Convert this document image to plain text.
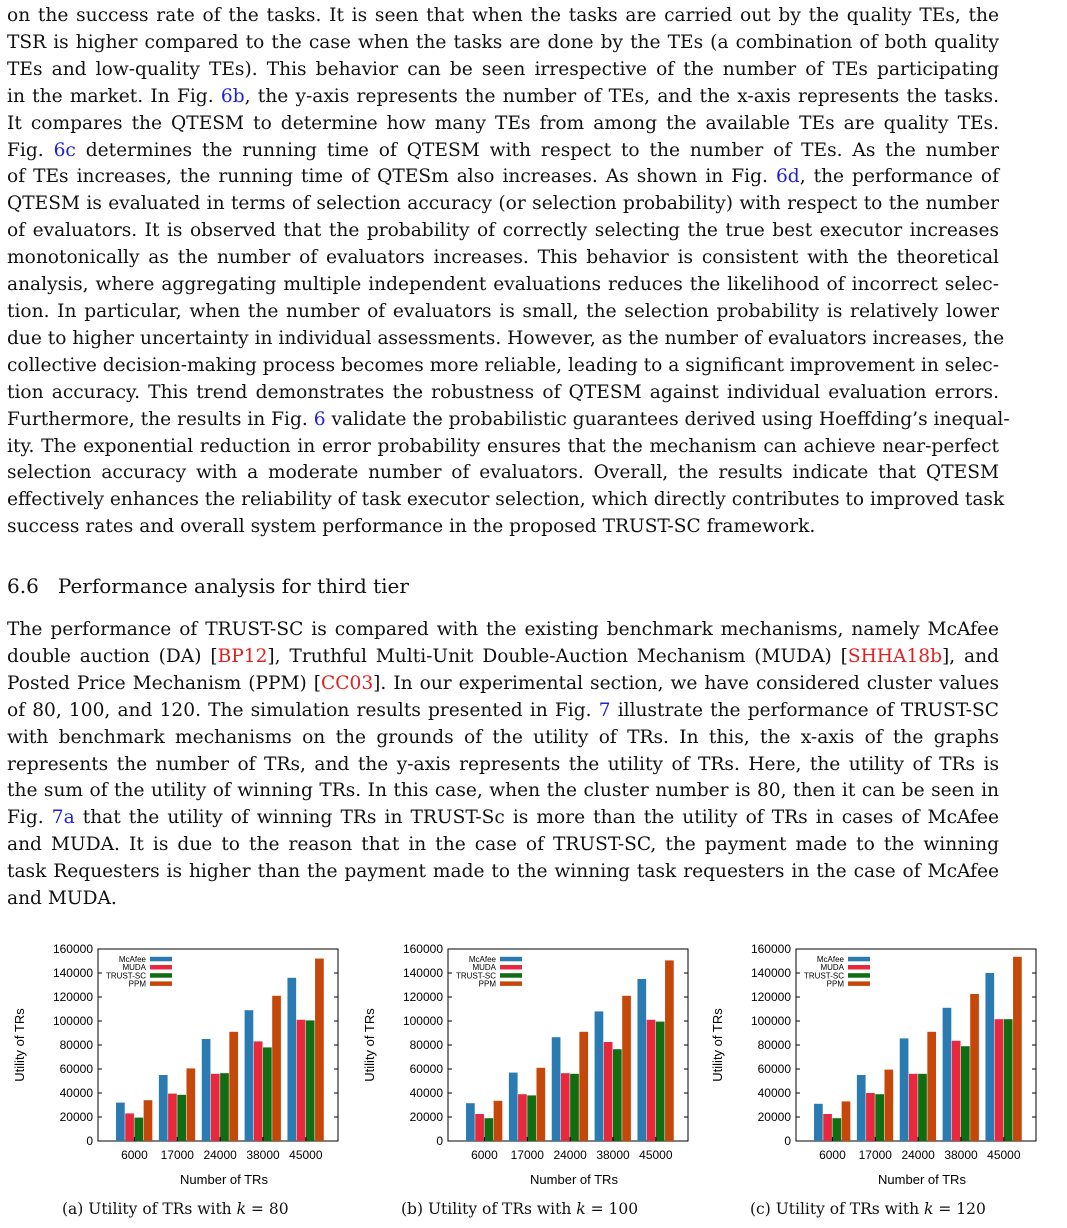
on the success rate of the tasks. It is seen that when the tasks are carried out by the quality TEs, the
TSR is higher compared to the case when the tasks are done by the TEs (a combination of both quality
TEs and low-quality TEs). This behavior can be seen irrespective of the number of TEs participating
in the market. In Fig. 6b, the y-axis represents the number of TEs, and the x-axis represents the tasks.
It compares the QTESM to determine how many TEs from among the available TEs are quality TEs.
Fig. 6c determines the running time of QTESM with respect to the number of TEs. As the number
of TEs increases, the running time of QTESm also increases. As shown in Fig. 6d, the performance of
QTESM is evaluated in terms of selection accuracy (or selection probability) with respect to the number
of evaluators. It is observed that the probability of correctly selecting the true best executor increases
monotonically as the number of evaluators increases. This behavior is consistent with the theoretical
analysis, where aggregating multiple independent evaluations reduces the likelihood of incorrect selec-
tion. In particular, when the number of evaluators is small, the selection probability is relatively lower
due to higher uncertainty in individual assessments. However, as the number of evaluators increases, the
collective decision-making process becomes more reliable, leading to a significant improvement in selec-
tion accuracy. This trend demonstrates the robustness of QTESM against individual evaluation errors.
Furthermore, the results in Fig. 6 validate the probabilistic guarantees derived using Hoeffding’s inequal-
ity. The exponential reduction in error probability ensures that the mechanism can achieve near-perfect
selection accuracy with a moderate number of evaluators. Overall, the results indicate that QTESM
effectively enhances the reliability of task executor selection, which directly contributes to improved task
success rates and overall system performance in the proposed TRUST-SC framework.
6.6 Performance analysis for third tier
The performance of TRUST-SC is compared with the existing benchmark mechanisms, namely McAfee
double auction (DA) [BP12], Truthful Multi-Unit Double-Auction Mechanism (MUDA) [SHHA18b], and
Posted Price Mechanism (PPM) [CC03]. In our experimental section, we have considered cluster values
of 80, 100, and 120. The simulation results presented in Fig. 7 illustrate the performance of TRUST-SC
with benchmark mechanisms on the grounds of the utility of TRs. In this, the x-axis of the graphs
represents the number of TRs, and the y-axis represents the utility of TRs. Here, the utility of TRs is
the sum of the utility of winning TRs. In this case, when the cluster number is 80, then it can be seen in
Fig. 7a that the utility of winning TRs in TRUST-Sc is more than the utility of TRs in cases of McAfee
and MUDA. It is due to the reason that in the case of TRUST-SC, the payment made to the winning
task Requesters is higher than the payment made to the winning task requesters in the case of McAfee
and MUDA.
0
20000
40000
60000
80000
100000
120000
140000
160000
Utility of TRs
6000 17000 24000 38000 45000
Number of TRs
McAfee
MUDA
TRUST-SC
PPM
(a) Utility of TRs with k = 80
0
20000
40000
60000
80000
100000
120000
140000
160000
Utility of TRs
6000 17000 24000 38000 45000
Number of TRs
McAfee
MUDA
TRUST-SC
PPM
(b) Utility of TRs with k = 100
0
20000
40000
60000
80000
100000
120000
140000
160000
Utility of TRs
6000 17000 24000 38000 45000
Number of TRs
McAfee
MUDA
TRUST-SC
PPM
(c) Utility of TRs with k = 120
